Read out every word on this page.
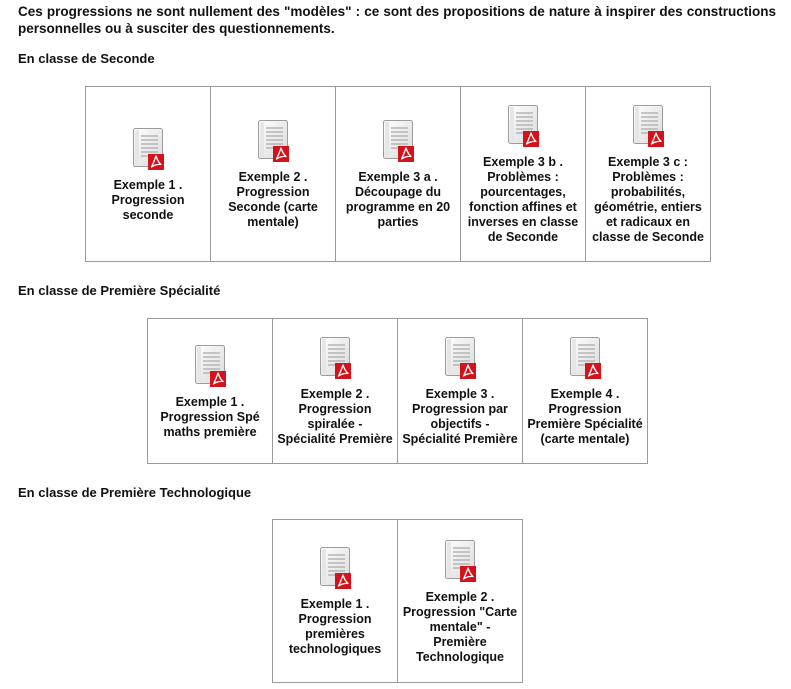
Ces progressions ne sont nullement des "modèles" : ce sont des propositions de nature à inspirer des constructions personnelles ou à susciter des questionnements.

En classe de Seconde
Exemple 1 .
Progression
seconde

Exemple 2 .
Progression
Seconde (carte
mentale)

Exemple 3 a .
Découpage du
programme en 20
parties

Exemple 3 b .
Problèmes :
pourcentages,
fonction affines et
inverses en classe
de Seconde

Exemple 3 c :
Problèmes :
probabilités,
géométrie, entiers
et radicaux en
classe de Seconde
En classe de Première Spécialité
Exemple 1 .
Progression Spé
maths première

Exemple 2 .
Progression
spiralée -
Spécialité Première

Exemple 3 .
Progression par
objectifs -
Spécialité Première

Exemple 4 .
Progression
Première Spécialité
(carte mentale)
En classe de Première Technologique
Exemple 1 .
Progression
premières
technologiques

Exemple 2 .
Progression "Carte
mentale" -
Première
Technologique
